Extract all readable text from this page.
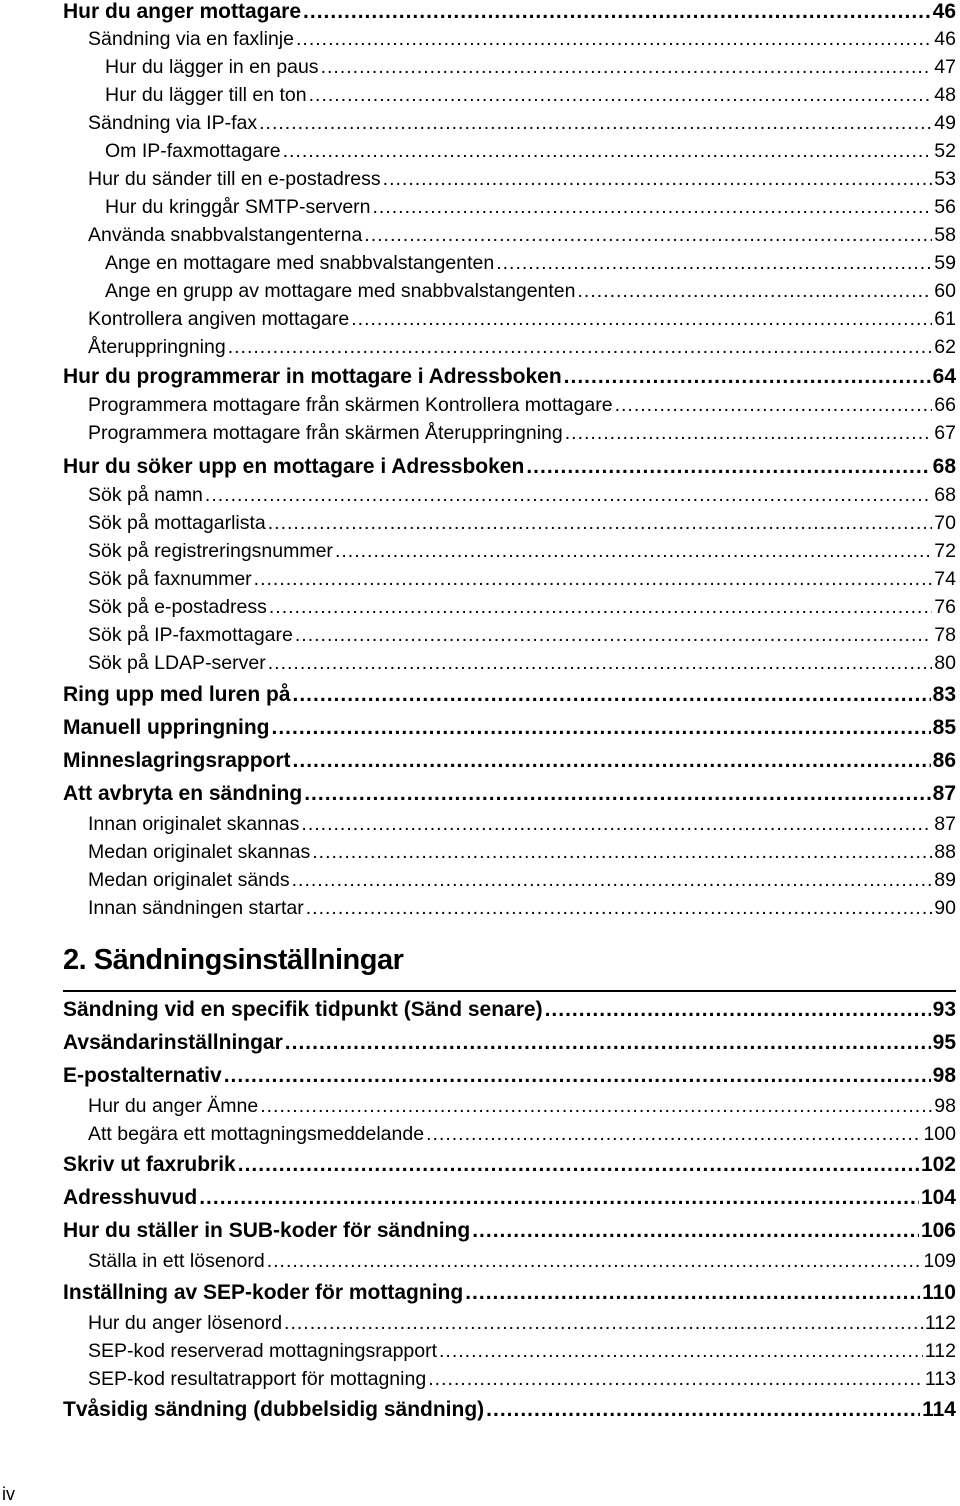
Hur du anger mottagare .....	46
Sändning via en faxlinje .....	46
Hur du lägger in en paus .....	47
Hur du lägger till en ton .....	48
Sändning via IP-fax .....	49
Om IP-faxmottagare .....	52
Hur du sänder till en e-postadress .....	53
Hur du kringgår SMTP-servern .....	56
Använda snabbvalstangenterna .....	58
Ange en mottagare med snabbvalstangenten .....	59
Ange en grupp av mottagare med snabbvalstangenten .....	60
Kontrollera angiven mottagare .....	61
Återuppringning .....	62
Hur du programmerar in mottagare i Adressboken .....	64
Programmera mottagare från skärmen Kontrollera mottagare .....	66
Programmera mottagare från skärmen Återuppringning .....	67
Hur du söker upp en mottagare i Adressboken .....	68
Sök på namn .....	68
Sök på mottagarlista .....	70
Sök på registreringsnummer .....	72
Sök på faxnummer .....	74
Sök på e-postadress .....	76
Sök på IP-faxmottagare .....	78
Sök på LDAP-server .....	80
Ring upp med luren på .....	83
Manuell uppringning .....	85
Minneslagringsrapport .....	86
Att avbryta en sändning .....	87
Innan originalet skannas .....	87
Medan originalet skannas .....	88
Medan originalet sänds .....	89
Innan sändningen startar .....	90
Sändning vid en specifik tidpunkt (Sänd senare) .....	93
Avsändarinställningar .....	95
E-postalternativ .....	98
Hur du anger Ämne .....	98
Att begära ett mottagningsmeddelande .....	100
Skriv ut faxrubrik .....	102
Adresshuvud .....	104
Hur du ställer in SUB-koder för sändning .....	106
Ställa in ett lösenord .....	109
Inställning av SEP-koder för mottagning .....	110
Hur du anger lösenord .....	112
SEP-kod reserverad mottagningsrapport .....	112
SEP-kod resultatrapport för mottagning .....	113
Tvåsidig sändning (dubbelsidig sändning) .....	114
2. Sändningsinställningar
iv
